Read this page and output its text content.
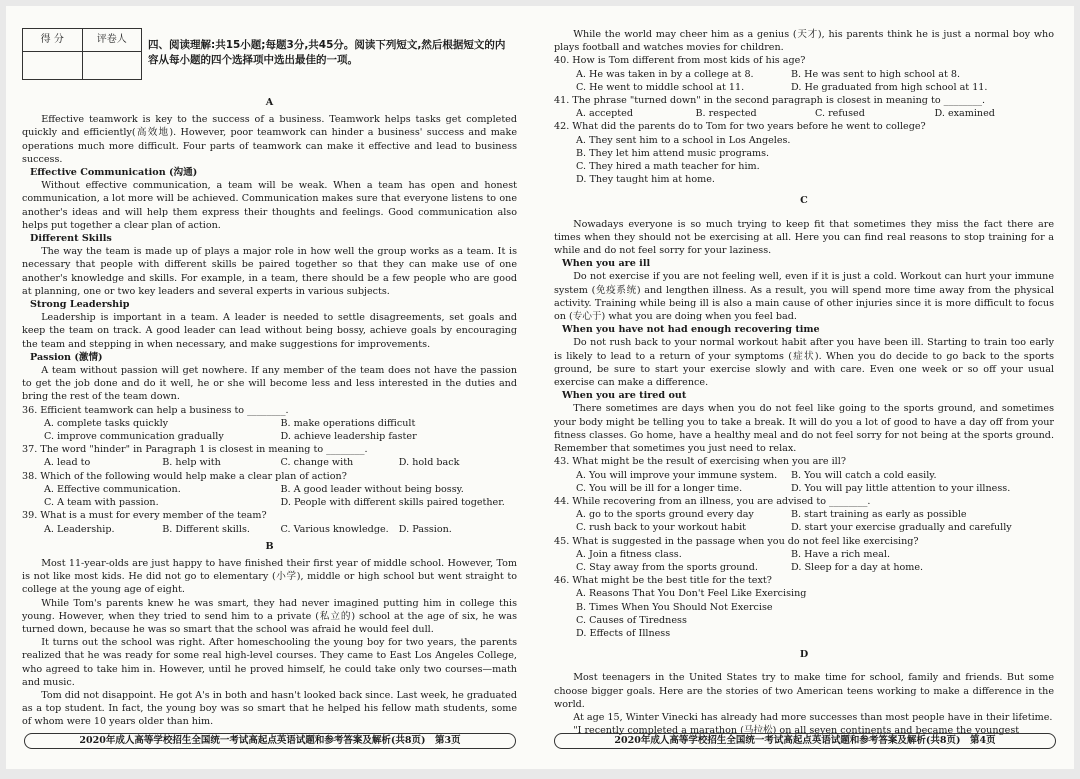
得 分	评卷人	四、阅读理解:共15小题;每题3分,共45分。阅读下列短文,然后根据短文的内容从每小题的四个选择项中选出最佳的一项。
A

Effective teamwork is key to the success of a business. Teamwork helps tasks get completed quickly and efficiently(高效地). However, poor teamwork can hinder a business' success and make operations much more difficult. Four parts of teamwork can make it effective and lead to business success.

Effective Communication (沟通)

Without effective communication, a team will be weak. When a team has open and honest communication, a lot more will be achieved. Communication makes sure that everyone listens to one another's ideas and will help them express their thoughts and feelings. Good communication also helps put together a clear plan of action.

Different Skills

The way the team is made up of plays a major role in how well the group works as a team. It is necessary that people with different skills be paired together so that they can make use of one another's knowledge and skills. For example, in a team, there should be a few people who are good at planning, one or two key leaders and several experts in various subjects.

Strong Leadership

Leadership is important in a team. A leader is needed to settle disagreements, set goals and keep the team on track. A good leader can lead without being bossy, achieve goals by encouraging the team and stepping in when necessary, and make suggestions for improvements.

Passion (激情)

A team without passion will get nowhere. If any member of the team does not have the passion to get the job done and do it well, he or she will become less and less interested in the duties and bring the rest of the team down.

36. Efficient teamwork can help a business to ________.
A. complete tasks quickly	B. make operations difficult
C. improve communication gradually	D. achieve leadership faster
37. The word "hinder" in Paragraph 1 is closest in meaning to ________.
A. lead to	B. help with	C. change with	D. hold back
38. Which of the following would help make a clear plan of action?
A. Effective communication.	B. A good leader without being bossy.
C. A team with passion.	D. People with different skills paired together.
39. What is a must for every member of the team?
A. Leadership.	B. Different skills.	C. Various knowledge.	D. Passion.
B

Most 11-year-olds are just happy to have finished their first year of middle school. However, Tom is not like most kids. He did not go to elementary (小学), middle or high school but went straight to college at the young age of eight.

While Tom's parents knew he was smart, they had never imagined putting him in college this young. However, when they tried to send him to a private (私立的) school at the age of six, he was turned down, because he was so smart that the school was afraid he would feel dull.

It turns out the school was right. After homeschooling the young boy for two years, the parents realized that he was ready for some real high-level courses. They came to East Los Angeles College, who agreed to take him in. However, until he proved himself, he could take only two courses—math and music.

Tom did not disappoint. He got A's in both and hasn't looked back since. Last week, he graduated as a top student. In fact, the young boy was so smart that he helped his fellow math students, some of whom were 10 years older than him.

2020年成人高等学校招生全国统一考试高起点英语试题和参考答案及解析(共8页)　第3页

While the world may cheer him as a genius (天才), his parents think he is just a normal boy who plays football and watches movies for children.

40. How is Tom different from most kids of his age?
A. He was taken in by a college at 8.	B. He was sent to high school at 8.
C. He went to middle school at 11.	D. He graduated from high school at 11.
41. The phrase "turned down" in the second paragraph is closest in meaning to ________.
A. accepted	B. respected	C. refused	D. examined
42. What did the parents do to Tom for two years before he went to college?
A. They sent him to a school in Los Angeles.
B. They let him attend music programs.
C. They hired a math teacher for him.
D. They taught him at home.
C

Nowadays everyone is so much trying to keep fit that sometimes they miss the fact there are times when they should not be exercising at all. Here you can find real reasons to stop training for a while and do not feel sorry for your laziness.

When you are ill

Do not exercise if you are not feeling well, even if it is just a cold. Workout can hurt your immune system (免疫系统) and lengthen illness. As a result, you will spend more time away from the physical activity. Training while being ill is also a main cause of other injuries since it is more difficult to focus on (专心于) what you are doing when you feel bad.

When you have not had enough recovering time

Do not rush back to your normal workout habit after you have been ill. Starting to train too early is likely to lead to a return of your symptoms (症状). When you do decide to go back to the sports ground, be sure to start your exercise slowly and with care. Even one week or so off your usual exercise can make a difference.

When you are tired out

There sometimes are days when you do not feel like going to the sports ground, and sometimes your body might be telling you to take a break. It will do you a lot of good to have a day off from your fitness classes. Go home, have a healthy meal and do not feel sorry for not being at the sports ground. Remember that sometimes you just need to relax.

43. What might be the result of exercising when you are ill?
A. You will improve your immune system.	B. You will catch a cold easily.
C. You will be ill for a longer time.	D. You will pay little attention to your illness.
44. While recovering from an illness, you are advised to ________.
A. go to the sports ground every day	B. start training as early as possible
C. rush back to your workout habit	D. start your exercise gradually and carefully
45. What is suggested in the passage when you do not feel like exercising?
A. Join a fitness class.	B. Have a rich meal.
C. Stay away from the sports ground.	D. Sleep for a day at home.
46. What might be the best title for the text?
A. Reasons That You Don't Feel Like Exercising
B. Times When You Should Not Exercise
C. Causes of Tiredness
D. Effects of Illness
D

Most teenagers in the United States try to make time for school, family and friends. But some choose bigger goals. Here are the stories of two American teens working to make a difference in the world.

At age 15, Winter Vinecki has already had more successes than most people have in their lifetime.

"I recently completed a marathon (马拉松) on all seven continents and became the youngest

2020年成人高等学校招生全国统一考试高起点英语试题和参考答案及解析(共8页)　第4页
